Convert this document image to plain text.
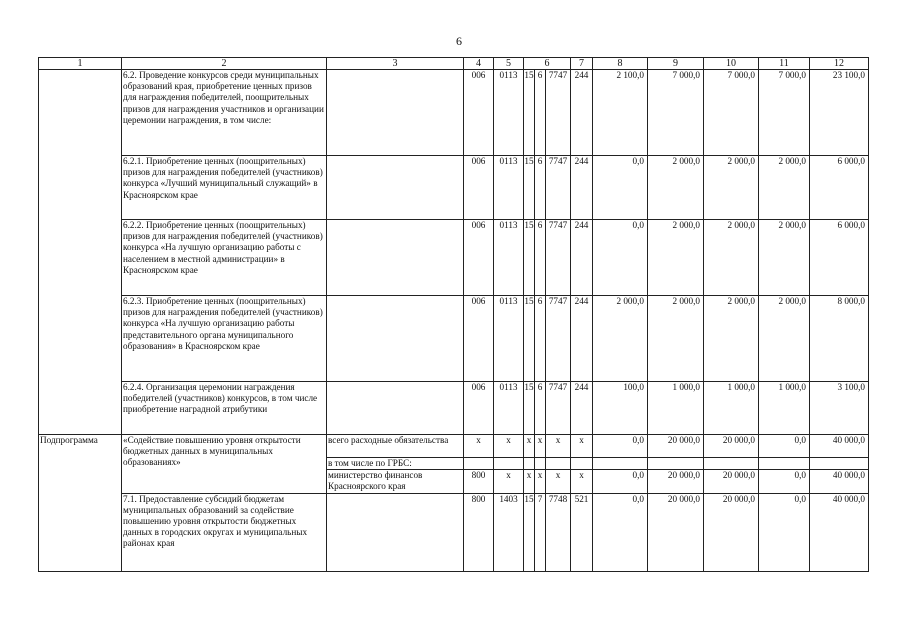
6
1	2	3	4	5	6			7	8	9	10	11	12
	6.2. Проведение конкурсов среди муниципальных образований края, приобретение ценных призов для награждения победителей, поощрительных призов для награждения участников и организации церемонии награждения, в том числе:		006	0113	15	6	7747	244	2 100,0	7 000,0	7 000,0	7 000,0	23 100,0
	6.2.1. Приобретение ценных (поощрительных) призов для награждения победителей (участников) конкурса «Лучший муниципальный служащий» в Красноярском крае		006	0113	15	6	7747	244	0,0	2 000,0	2 000,0	2 000,0	6 000,0
	6.2.2. Приобретение ценных (поощрительных) призов для награждения победителей (участников) конкурса «На лучшую организацию работы с населением в местной администрации» в Красноярском крае		006	0113	15	6	7747	244	0,0	2 000,0	2 000,0	2 000,0	6 000,0
	6.2.3. Приобретение ценных (поощрительных) призов для награждения победителей (участников) конкурса «На лучшую организацию работы представительного органа муниципального образования» в Красноярском крае		006	0113	15	6	7747	244	2 000,0	2 000,0	2 000,0	2 000,0	8 000,0
	6.2.4. Организация церемонии награждения победителей (участников) конкурсов, в том числе приобретение наградной атрибутики		006	0113	15	6	7747	244	100,0	1 000,0	1 000,0	1 000,0	3 100,0
Подпрограмма	«Содействие повышению уровня открытости бюджетных данных в муниципальных образованиях»	всего расходные обязательства	х	х	х	х	х	х	0,0	20 000,0	20 000,0	0,0	40 000,0
		в том числе по ГРБС:											
		министерство финансов Красноярского края	800	х	х	х	х	х	0,0	20 000,0	20 000,0	0,0	40 000,0
	7.1. Предоставление субсидий бюджетам муниципальных образований за содействие повышению уровня открытости бюджетных данных в городских округах и муниципальных районах края		800	1403	15	7	7748	521	0,0	20 000,0	20 000,0	0,0	40 000,0
